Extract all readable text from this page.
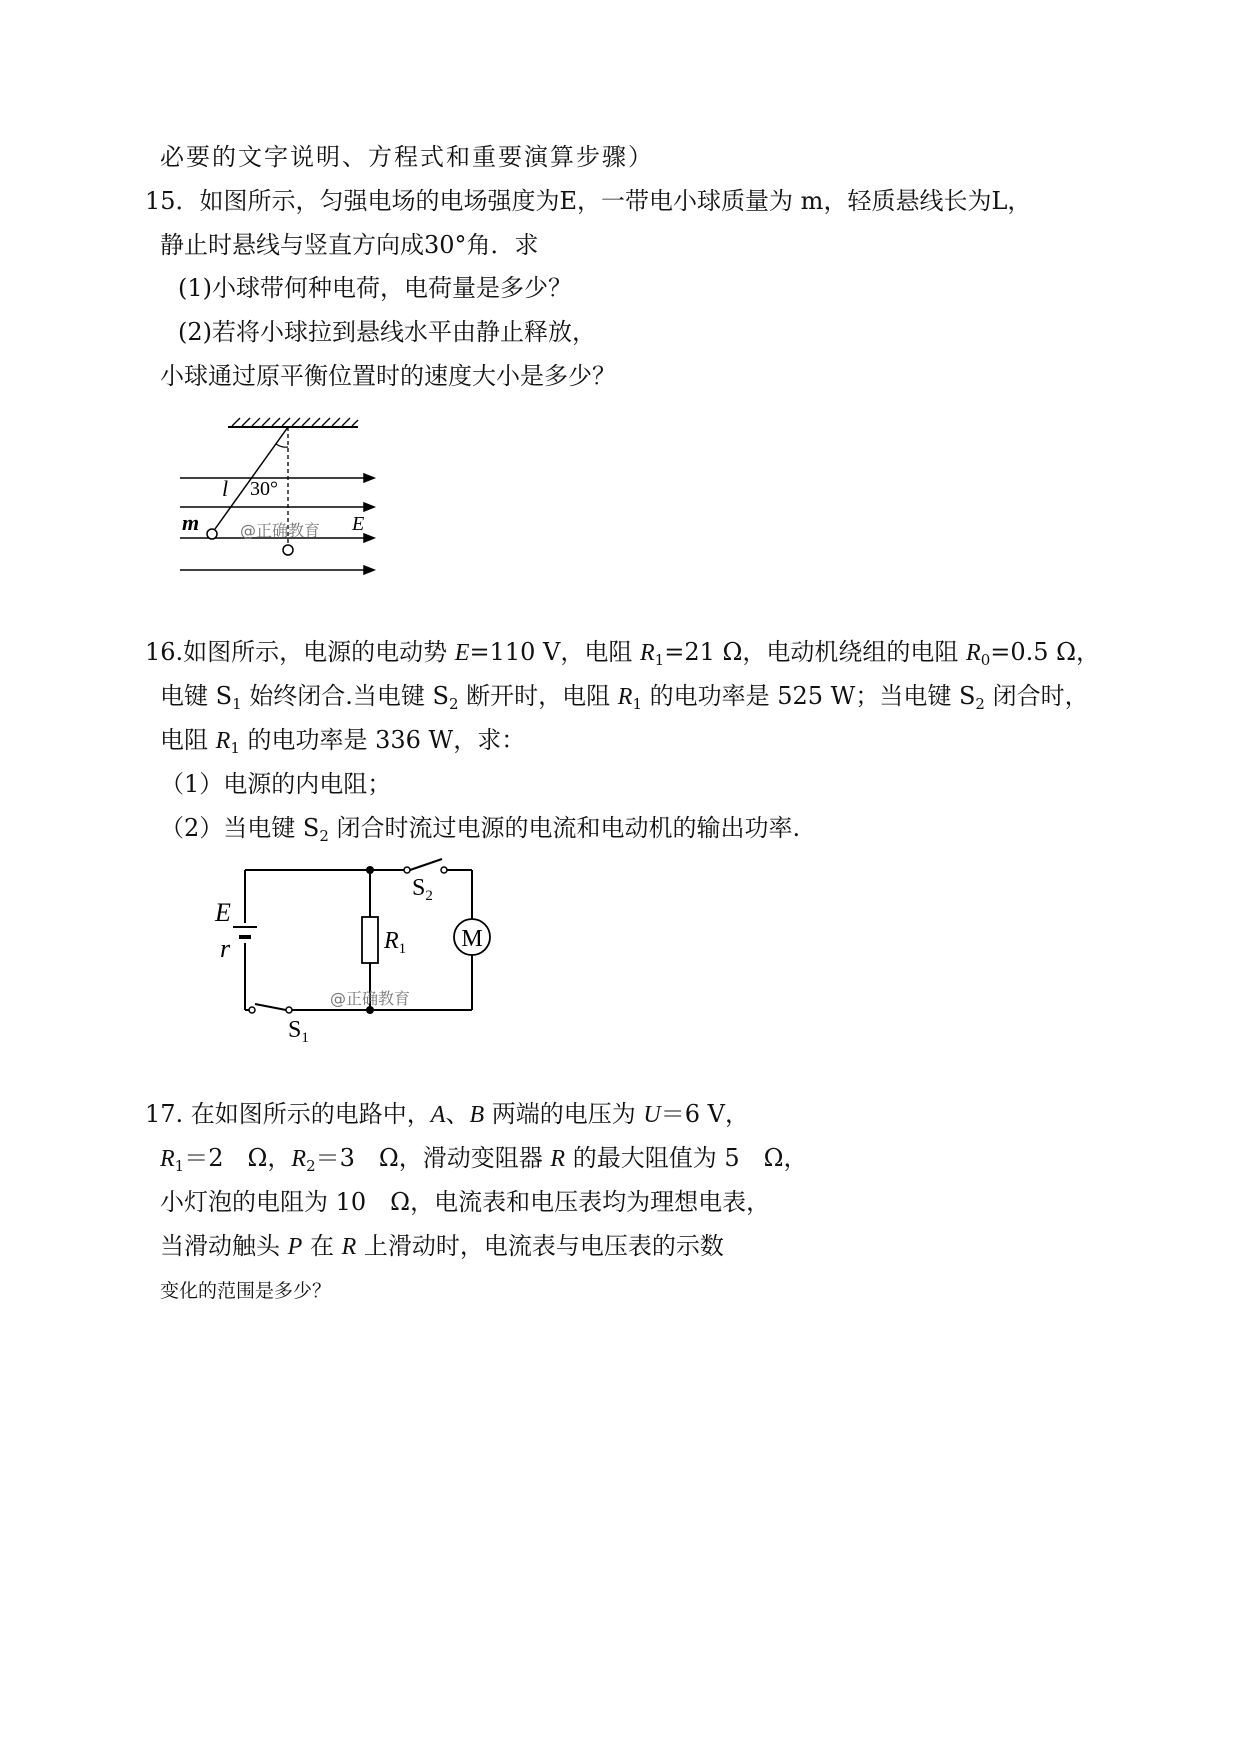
必要的文字说明、方程式和重要演算步骤）
15．如图所示，匀强电场的电场强度为E，一带电小球质量为 m，轻质悬线长为L，
静止时悬线与竖直方向成30°角．求
(1)小球带何种电荷，电荷量是多少？
(2)若将小球拉到悬线水平由静止释放，
小球通过原平衡位置时的速度大小是多少？
l 30°
m	E
@正确教育
16.如图所示，电源的电动势 E=110 V，电阻 $R_1=21$ Ω，电动机绕组的电阻 $R_0=0.5$ Ω，
电键 $S_1$ 始终闭合.当电键 $S_2$ 断开时，电阻 $R_1$ 的电功率是 525 W；当电键 $S_2$ 闭合时，
电阻 $R_1$ 的电功率是 336 W，求：
（1）电源的内电阻；
（2）当电键 $S_2$ 闭合时流过电源的电流和电动机的输出功率.
E
r	$R_1$ M
$S_2$
$S_1$
@正确教育
17. 在如图所示的电路中，A、B 两端的电压为 U＝6 V，
$R_1=2$　Ω，$R_2=3$　Ω，滑动变阻器 R 的最大阻值为 5　Ω，
小灯泡的电阻为 10　Ω，电流表和电压表均为理想电表，
当滑动触头 P 在 R 上滑动时，电流表与电压表的示数
变化的范围是多少？
